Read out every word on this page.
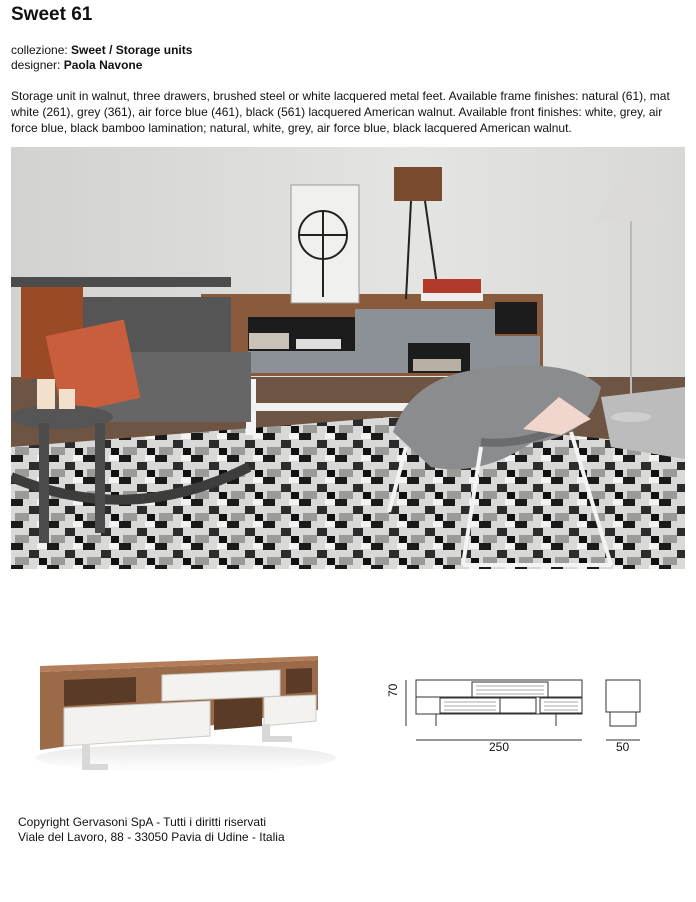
Sweet 61
collezione: Sweet / Storage units
designer: Paola Navone
Storage unit in walnut, three drawers, brushed steel or white lacquered metal feet. Available frame finishes: natural (61), mat white (261), grey (361), air force blue (461), black (561) lacquered American walnut. Available front finishes: white, grey, air force blue, black bamboo lamination; natural, white, grey, air force blue, black lacquered American walnut.
70
250	50
Copyright Gervasoni SpA - Tutti i diritti riservati
Viale del Lavoro, 88 - 33050 Pavia di Udine - Italia
